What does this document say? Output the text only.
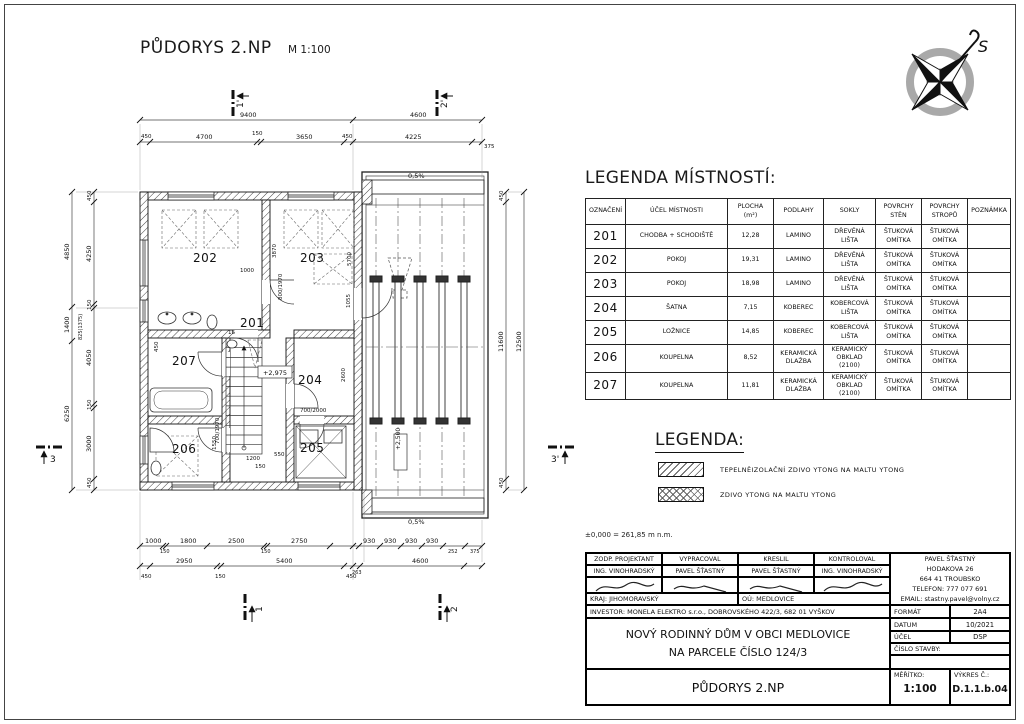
PŮDORYS 2.NP M 1:100
+2,500
0,5%
0,5%
16
+2,975
202	203
201
207
204
206	205
3870
5700
1000
2600
1550
1200
550
150
1055
450
700/1970
800/1970
700/2000
9400	4600
450	4700	150	3650	450	4225
375
450
4250
150
4050
150
3000
450
4850
1400 825(1375)
6250
450
11600
450
12500
1000
150
1800	2500
150
2750	930 930 930 930
252 375
2950	5400
263
4600
450	150	450
1'	2'
1	2
3	3'
S
LEGENDA MÍSTNOSTÍ:
OZNAČENÍ	ÚČEL MÍSTNOSTI	PLOCHA (m²)	PODLAHY	SOKLY	POVRCHY STĚN	POVRCHY STROPŮ	POZNÁMKA
201	CHODBA + SCHODIŠTĚ	12,28	LAMINO	DŘEVĚNÁ LIŠTA	ŠTUKOVÁ OMÍTKA	ŠTUKOVÁ OMÍTKA	
202	POKOJ	19,31	LAMINO	DŘEVĚNÁ LIŠTA	ŠTUKOVÁ OMÍTKA	ŠTUKOVÁ OMÍTKA	
203	POKOJ	18,98	LAMINO	DŘEVĚNÁ LIŠTA	ŠTUKOVÁ OMÍTKA	ŠTUKOVÁ OMÍTKA	
204	ŠATNA	7,15	KOBEREC	KOBERCOVÁ LIŠTA	ŠTUKOVÁ OMÍTKA	ŠTUKOVÁ OMÍTKA	
205	LOŽNICE	14,85	KOBEREC	KOBERCOVÁ LIŠTA	ŠTUKOVÁ OMÍTKA	ŠTUKOVÁ OMÍTKA	
206	KOUPELNA	8,52	KERAMICKÁ DLAŽBA	KERAMICKÝ OBKLAD (2100)	ŠTUKOVÁ OMÍTKA	ŠTUKOVÁ OMÍTKA	
207	KOUPELNA	11,81	KERAMICKÁ DLAŽBA	KERAMICKÝ OBKLAD (2100)	ŠTUKOVÁ OMÍTKA	ŠTUKOVÁ OMÍTKA	
LEGENDA:
TEPELNĚIZOLAČNÍ ZDIVO YTONG NA MALTU YTONG
ZDIVO YTONG NA MALTU YTONG
±0,000 = 261,85 m n.m.
ZODP. PROJEKTANT	VYPRACOVAL	KRESLIL	KONTROLOVAL
ING. VINOHRADSKÝ	PAVEL ŠŤASTNÝ	PAVEL ŠŤASTNÝ	ING. VINOHRADSKÝ
KRAJ: JIHOMORAVSKÝ	OÚ: MEDLOVICE
INVESTOR: MONELA ELEKTRO s.r.o., DOBROVSKÉHO 422/3, 682 01 VYŠKOV
PAVEL ŠŤASTNÝ
HODAKOVA 26
664 41 TROUBSKO
TELEFON: 777 077 691
EMAIL: stastny.pavel@volny.cz
FORMÁT	2A4
NOVÝ RODINNÝ DŮM V OBCI MEDLOVICE
NA PARCELE ČÍSLO 124/3
DATUM	10/2021
ÚČEL	DSP
ČÍSLO STAVBY:
PŮDORYS 2.NP
MĚŘÍTKO:
1:100
VÝKRES Č.:
D.1.1.b.04
